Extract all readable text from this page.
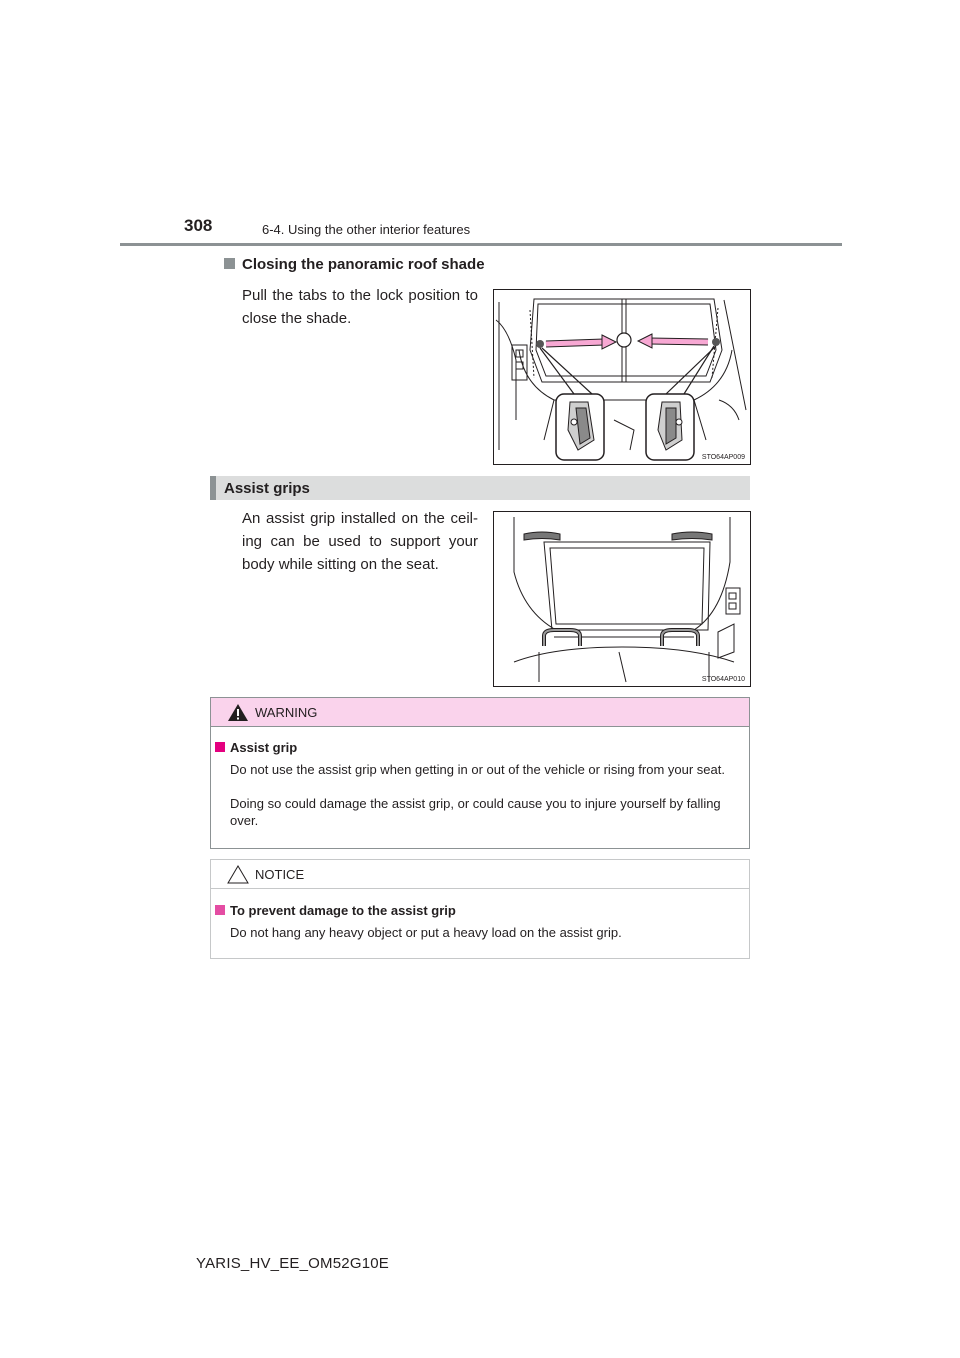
308	6-4. Using the other interior features
Closing the panoramic roof shade
Pull the tabs to the lock position to close the shade.
STO64AP009
Assist grips
An assist grip installed on the ceil-ing can be used to support your body while sitting on the seat.
STO64AP010
WARNING
Assist grip
Do not use the assist grip when getting in or out of the vehicle or rising from your seat.
Doing so could damage the assist grip, or could cause you to injure yourself by falling over.
NOTICE
To prevent damage to the assist grip
Do not hang any heavy object or put a heavy load on the assist grip.
YARIS_HV_EE_OM52G10E
